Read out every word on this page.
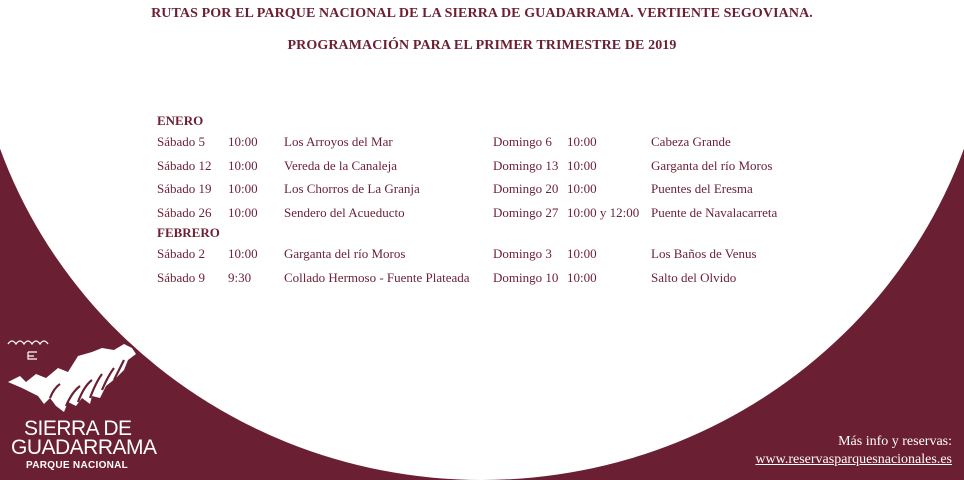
RUTAS POR EL PARQUE NACIONAL DE LA SIERRA DE GUADARRAMA. VERTIENTE SEGOVIANA.
PROGRAMACIÓN PARA EL PRIMER TRIMESTRE DE 2019
ENERO
Sábado 5 10:00 Los Arroyos del Mar	Domingo 6 10:00	Cabeza Grande
Sábado 12 10:00 Vereda de la Canaleja	Domingo 13 10:00	Garganta del río Moros
Sábado 19 10:00 Los Chorros de La Granja	Domingo 20 10:00	Puentes del Eresma
Sábado 26 10:00 Sendero del Acueducto	Domingo 27 10:00 y 12:00 Puente de Navalacarreta
FEBRERO
Sábado 2 10:00 Garganta del río Moros	Domingo 3 10:00	Los Baños de Venus
Sábado 9 9:30	Collado Hermoso - Fuente Plateada Domingo 10 10:00	Salto del Olvido
SIERRA DE
GUADARRAMA
PARQUE NACIONAL
Más info y reservas:
www.reservasparquesnacionales.es
